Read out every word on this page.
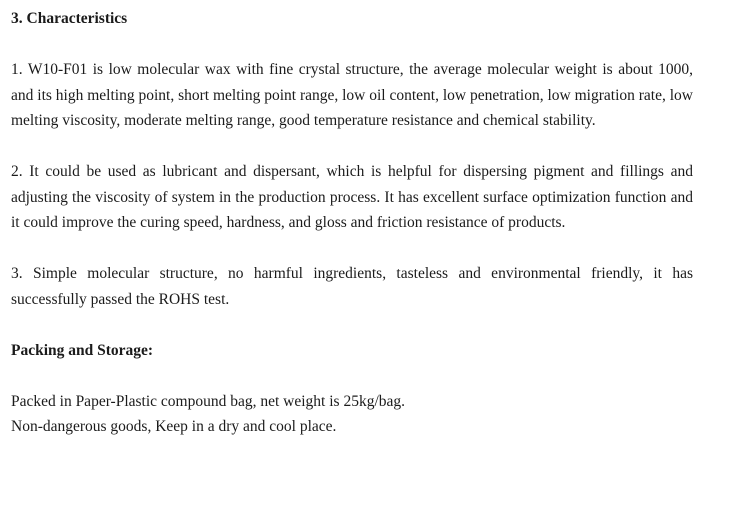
3. Characteristics

1. W10-F01 is low molecular wax with fine crystal structure, the average molecular weight is about 1000, and its high melting point, short melting point range, low oil content, low penetration, low migration rate, low melting viscosity, moderate melting range, good temperature resistance and chemical stability.

2. It could be used as lubricant and dispersant, which is helpful for dispersing pigment and fillings and adjusting the viscosity of system in the production process. It has excellent surface optimization function and it could improve the curing speed, hardness, and gloss and friction resistance of products.

3. Simple molecular structure, no harmful ingredients, tasteless and environmental friendly, it has successfully passed the ROHS test.

Packing and Storage:
Packed in Paper-Plastic compound bag, net weight is 25kg/bag.
Non-dangerous goods, Keep in a dry and cool place.
